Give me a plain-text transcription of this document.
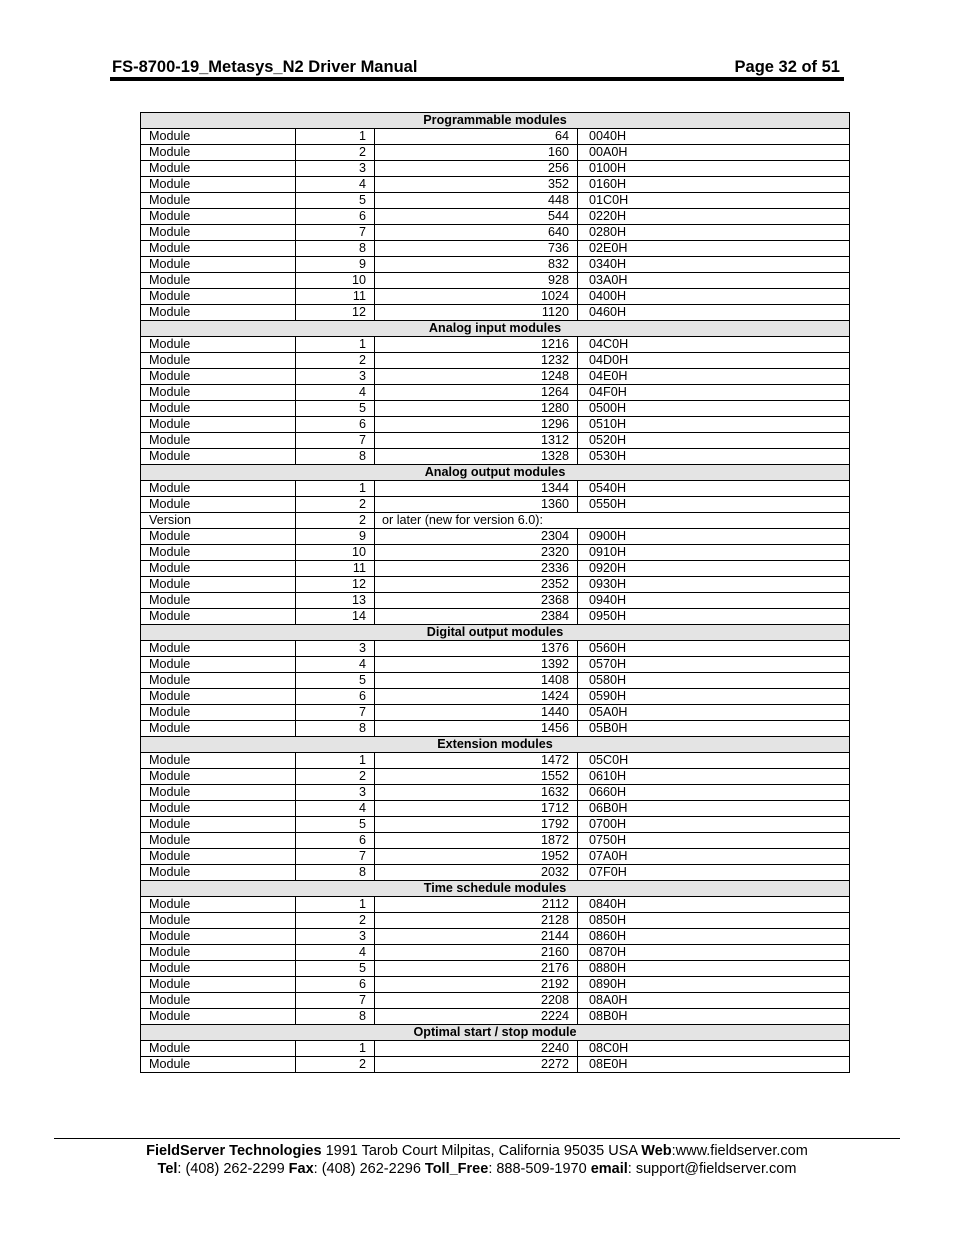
FS-8700-19_Metasys_N2 Driver Manual	Page 32 of 51
Programmable modules			
Module	1	64	0040H
Module	2	160	00A0H
Module	3	256	0100H
Module	4	352	0160H
Module	5	448	01C0H
Module	6	544	0220H
Module	7	640	0280H
Module	8	736	02E0H
Module	9	832	0340H
Module	10	928	03A0H
Module	11	1024	0400H
Module	12	1120	0460H
Analog input modules			
Module	1	1216	04C0H
Module	2	1232	04D0H
Module	3	1248	04E0H
Module	4	1264	04F0H
Module	5	1280	0500H
Module	6	1296	0510H
Module	7	1312	0520H
Module	8	1328	0530H
Analog output modules			
Module	1	1344	0540H
Module	2	1360	0550H
Version	2	or later (new for version 6.0):	
Module	9	2304	0900H
Module	10	2320	0910H
Module	11	2336	0920H
Module	12	2352	0930H
Module	13	2368	0940H
Module	14	2384	0950H
Digital output modules			
Module	3	1376	0560H
Module	4	1392	0570H
Module	5	1408	0580H
Module	6	1424	0590H
Module	7	1440	05A0H
Module	8	1456	05B0H
Extension modules			
Module	1	1472	05C0H
Module	2	1552	0610H
Module	3	1632	0660H
Module	4	1712	06B0H
Module	5	1792	0700H
Module	6	1872	0750H
Module	7	1952	07A0H
Module	8	2032	07F0H
Time schedule modules			
Module	1	2112	0840H
Module	2	2128	0850H
Module	3	2144	0860H
Module	4	2160	0870H
Module	5	2176	0880H
Module	6	2192	0890H
Module	7	2208	08A0H
Module	8	2224	08B0H
Optimal start / stop module			
Module	1	2240	08C0H
Module	2	2272	08E0H
FieldServer Technologies 1991 Tarob Court Milpitas, California 95035 USA Web:www.fieldserver.com
Tel: (408) 262-2299 Fax: (408) 262-2296 Toll_Free: 888-509-1970 email: support@fieldserver.com
